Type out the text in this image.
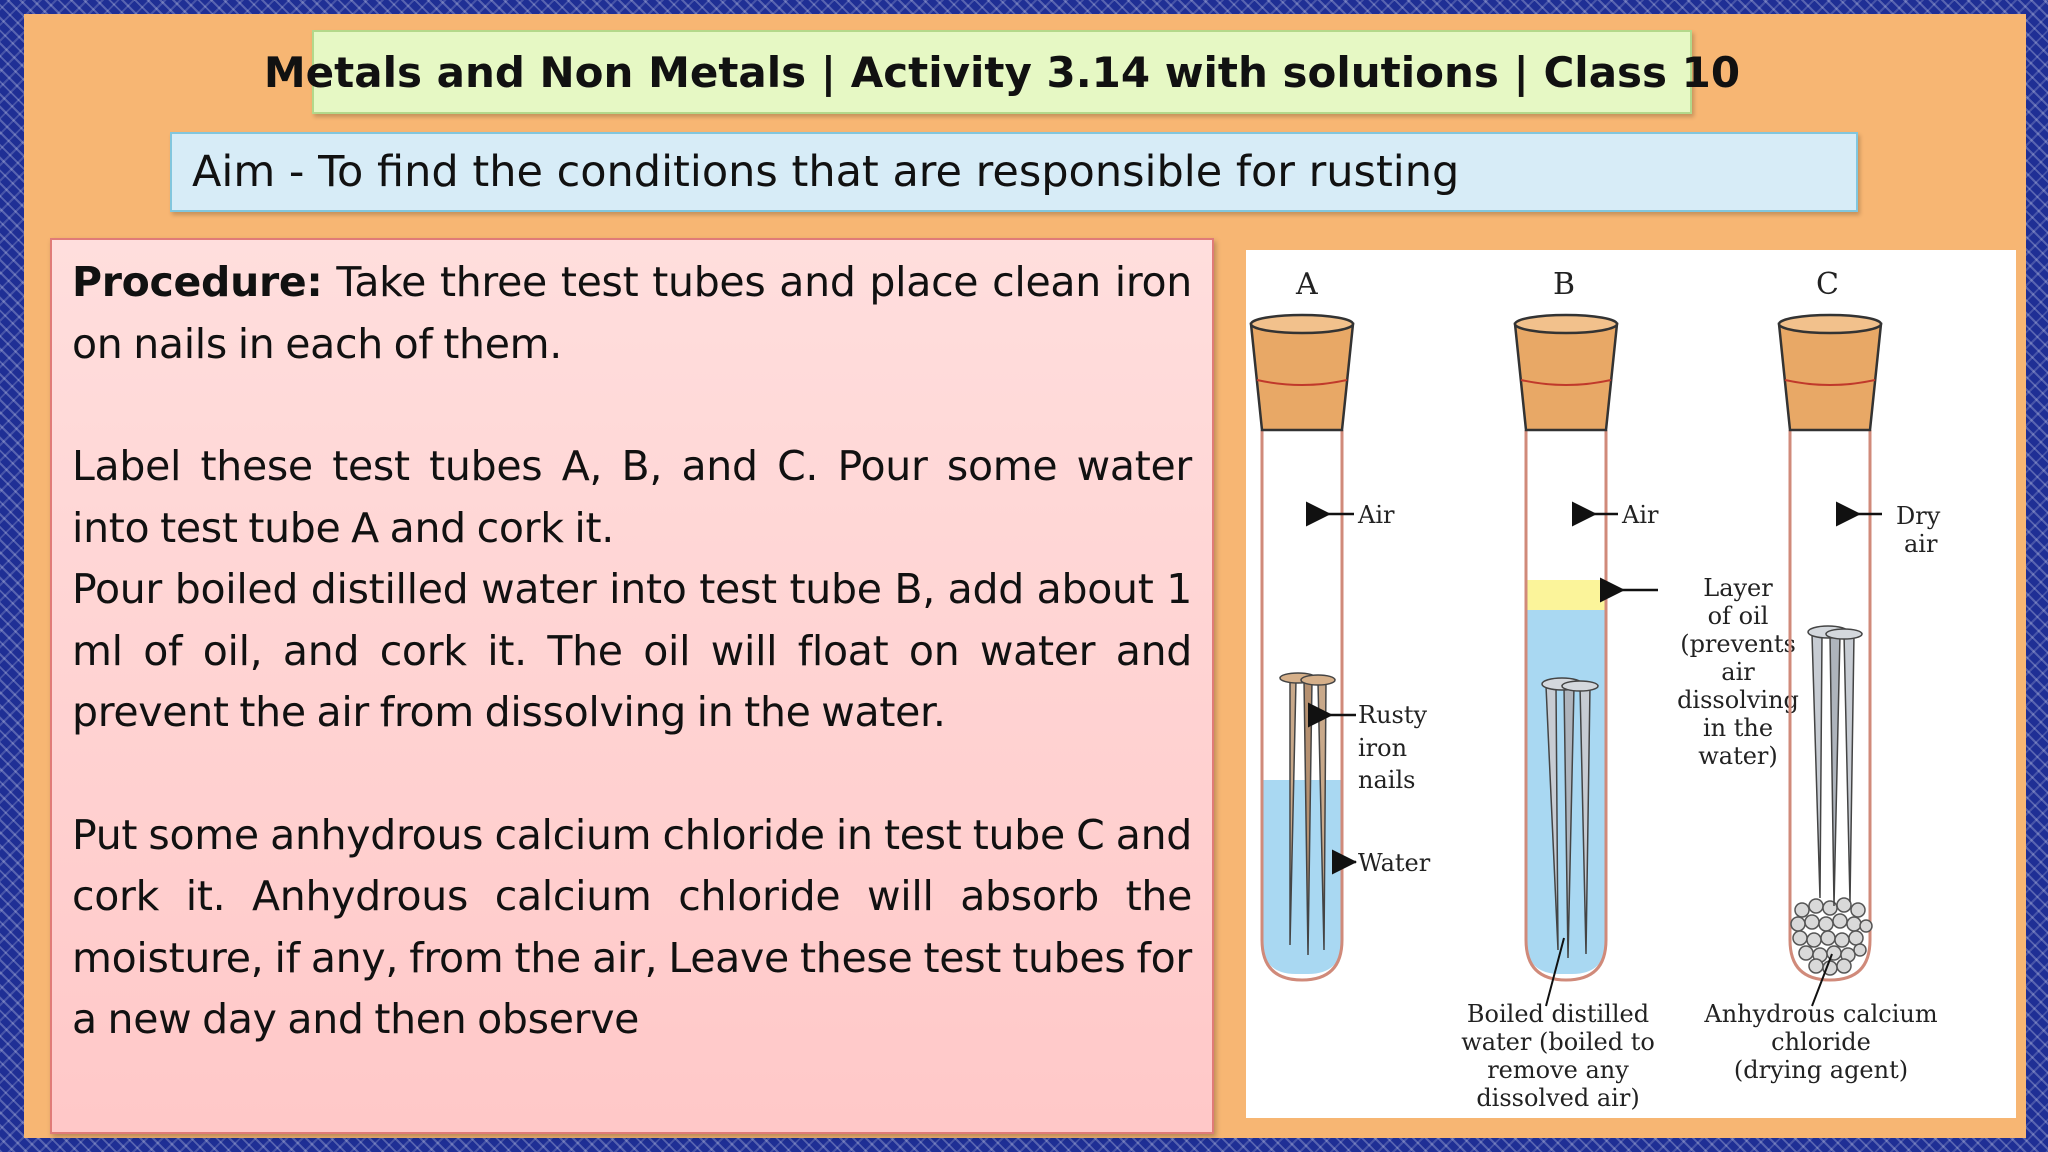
Metals and Non Metals | Activity 3.14 with solutions | Class 10
Aim - To find the conditions that are responsible for rusting

Procedure: Take three test tubes and place clean iron on nails in each of them.

Label these test tubes A, B, and C. Pour some water into test tube A and cork it.

Pour boiled distilled water into test tube B, add about 1 ml of oil, and cork it. The oil will float on water and prevent the air from dissolving in the water.

Put some anhydrous calcium chloride in test tube C and cork it. Anhydrous calcium chloride will absorb the moisture, if any, from the air, Leave these test tubes for a new day and then observe

A
Air
Rusty
iron
nails
Water
B
Air
Layer
of oil
(prevents
air
dissolving
in the
water)
Boiled distilled
water (boiled to
remove any
dissolved air)
C
Dry
air
Anhydrous calcium
chloride
(drying agent)
